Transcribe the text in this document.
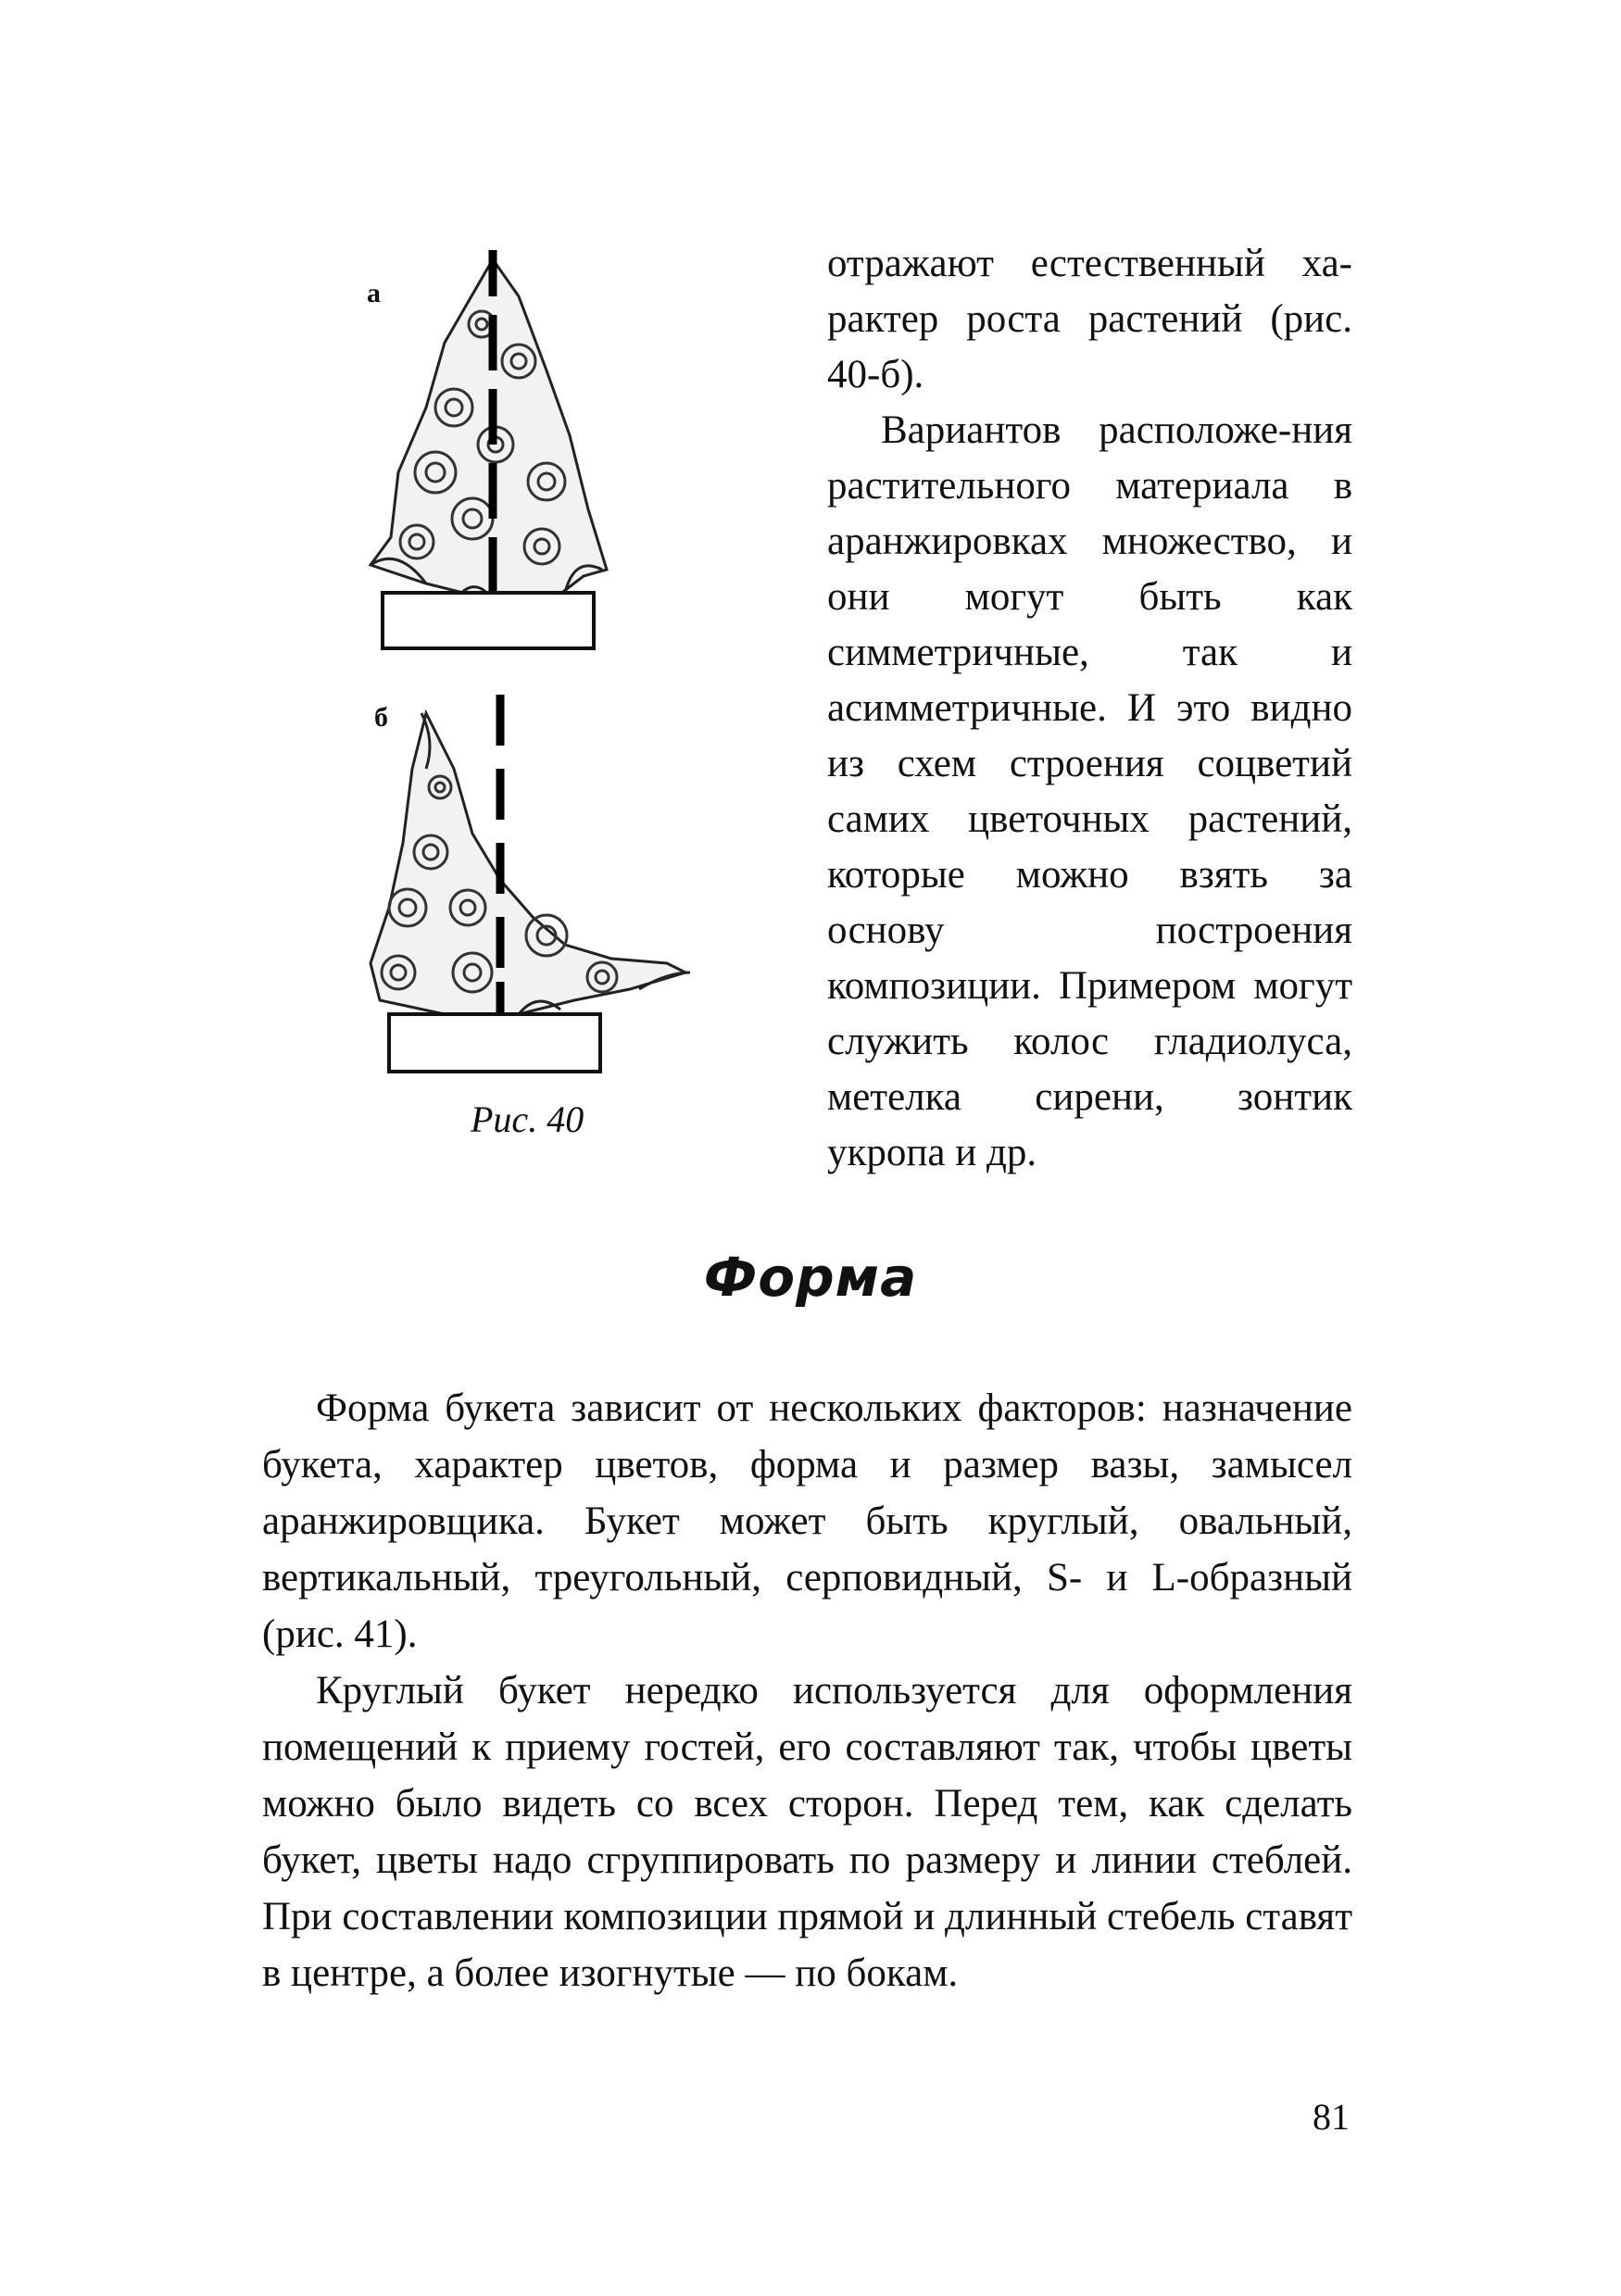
а
б
Рис. 40

отражают естественный ха-рактер роста растений (рис. 40-б).

Вариантов расположе-ния растительного материала в аранжировках множество, и они могут быть как симметричные, так и асимметричные. И это видно из схем строения соцветий самих цветочных растений, которые можно взять за основу построения композиции. Примером могут служить колос гладиолуса, метелка сирени, зонтик укропа и др.

Форма

Форма букета зависит от нескольких факторов: назначение букета, характер цветов, форма и размер вазы, замысел аранжировщика. Букет может быть круглый, овальный, вертикальный, треугольный, серповидный, S- и L-образный (рис. 41).

Круглый букет нередко используется для оформления помещений к приему гостей, его составляют так, чтобы цветы можно было видеть со всех сторон. Перед тем, как сделать букет, цветы надо сгруппировать по размеру и линии стеблей. При составлении композиции прямой и длинный стебель ставят в центре, а более изогнутые — по бокам.

81
